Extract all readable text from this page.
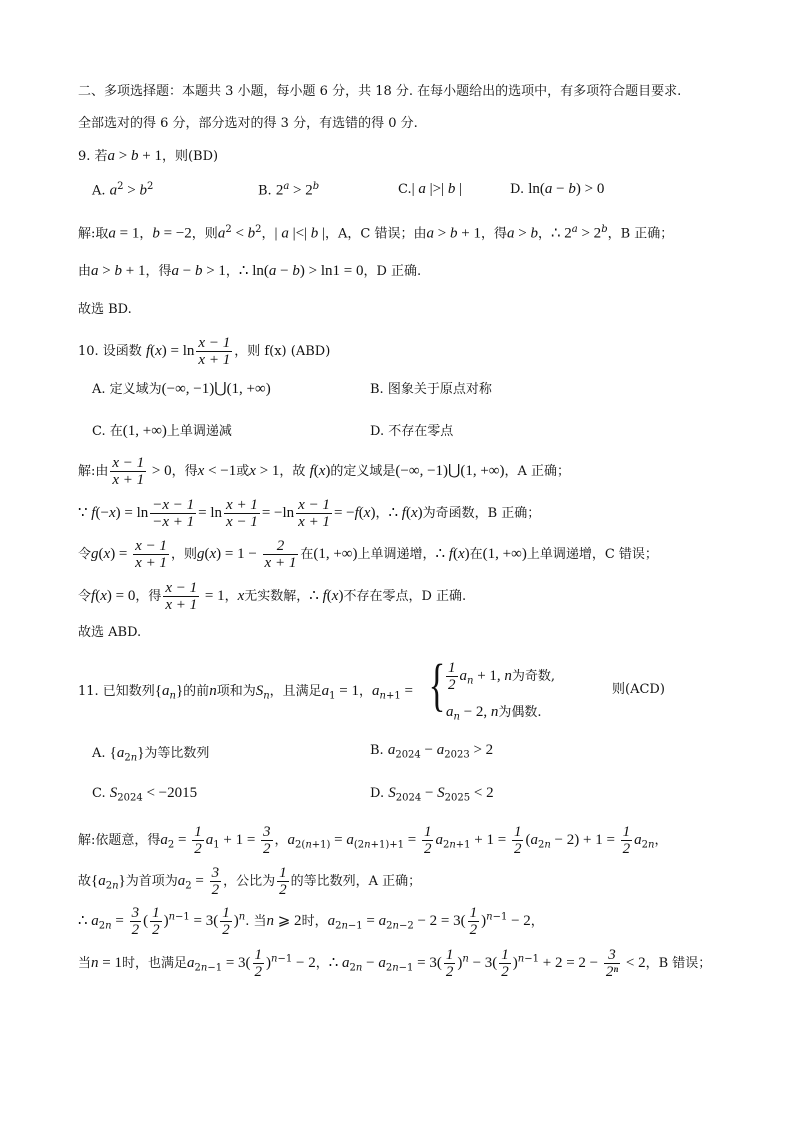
二、多项选择题：本题共 3 小题，每小题 6 分，共 18 分. 在每小题给出的选项中，有多项符合题目要求.
全部选对的得 6 分，部分选对的得 3 分，有选错的得 0 分.
9. 若a > b + 1，则(BD)
A. $a^2 > b^2$	B. $2^a > 2^b$	C.| a |>| b |	D. ln(a − b) > 0
解:取a = 1，b = −2，则$a^2 < b^2$，| a |<| b |，A，C 错误；由a > b + 1，得a > b，∴ $2^a > 2^b$，B 正确；
由a > b + 1，得a − b > 1，∴ ln(a − b) > ln1 = 0，D 正确.
故选 BD.
10. 设函数 $f(x) = \ln \frac{x - 1}{x + 1}$ ，则 f(x) (ABD)
A. 定义域为(−∞, −1)⋃(1, +∞)	B. 图象关于原点对称
C. 在(1, +∞)上单调递减	D. 不存在零点
解:由 $\frac{x - 1}{x + 1} > 0$，得x < −1或x > 1，故 f(x)的定义域是(−∞, −1)⋃(1, +∞)，A 正确；
∵ $f(-x) = \ln \frac{-x - 1}{-x + 1} = \ln \frac{x + 1}{x - 1} = -\ln \frac{x - 1}{x + 1} = -f(x)$，∴ f(x)为奇函数，B 正确；
令$g(x) = \frac{x - 1}{x + 1}$ ，则$g(x) = 1 - \frac{2}{x + 1}$ 在(1, +∞)上单调递增，∴ f(x)在(1, +∞)上单调递增，C 错误；
令f(x) = 0，得 $\frac{x - 1}{x + 1} = 1$，x无实数解，∴ f(x)不存在零点，D 正确.
故选 ABD.
11. 已知数列$\{a_n\}$的前n项和为$S_n$，且满足$a_1 = 1$，$a_{n+1}$ = { $\frac{1}{2} a_n + 1$, n为奇数,
$a_n - 2$, n为偶数.
则(ACD)
A. $\{a_{2n}\}$为等比数列	B. $a_{2024} - a_{2023} > 2$
C. $S_{2024} < -2015$	D. $S_{2024} - S_{2025} < 2$
解:依题意，得$a_2 = \frac{1}{2} a_1 + 1 = \frac{3}{2}$ ，$a_{2(n+1)} = a_{(2n+1)+1} = \frac{1}{2} a_{2n+1} + 1 = \frac{1}{2} (a_{2n} - 2) + 1 = \frac{1}{2} a_{2n}$，
故$\{a_{2n}\}$为首项为$a_2 = \frac{3}{2}$ ，公比为 $\frac{1}{2}$ 的等比数列，A 正确；
∴ $a_{2n} = \frac{3}{2}$ ( $\frac{1}{2} )^{n-1} = 3( \frac{1}{2} )^n$. 当n ⩾ 2时，$a_{2n-1} = a_{2n-2} - 2 = 3( \frac{1}{2} )^{n-1} - 2$，
当n = 1时，也满足$a_{2n-1} = 3( \frac{1}{2} )^{n-1} - 2$，∴ $a_{2n} - a_{2n-1} = 3( \frac{1}{2} )^n - 3( \frac{1}{2} )^{n-1} + 2 = 2 - \frac{3}{\text{2ⁿ}} < 2$，B 错误；
